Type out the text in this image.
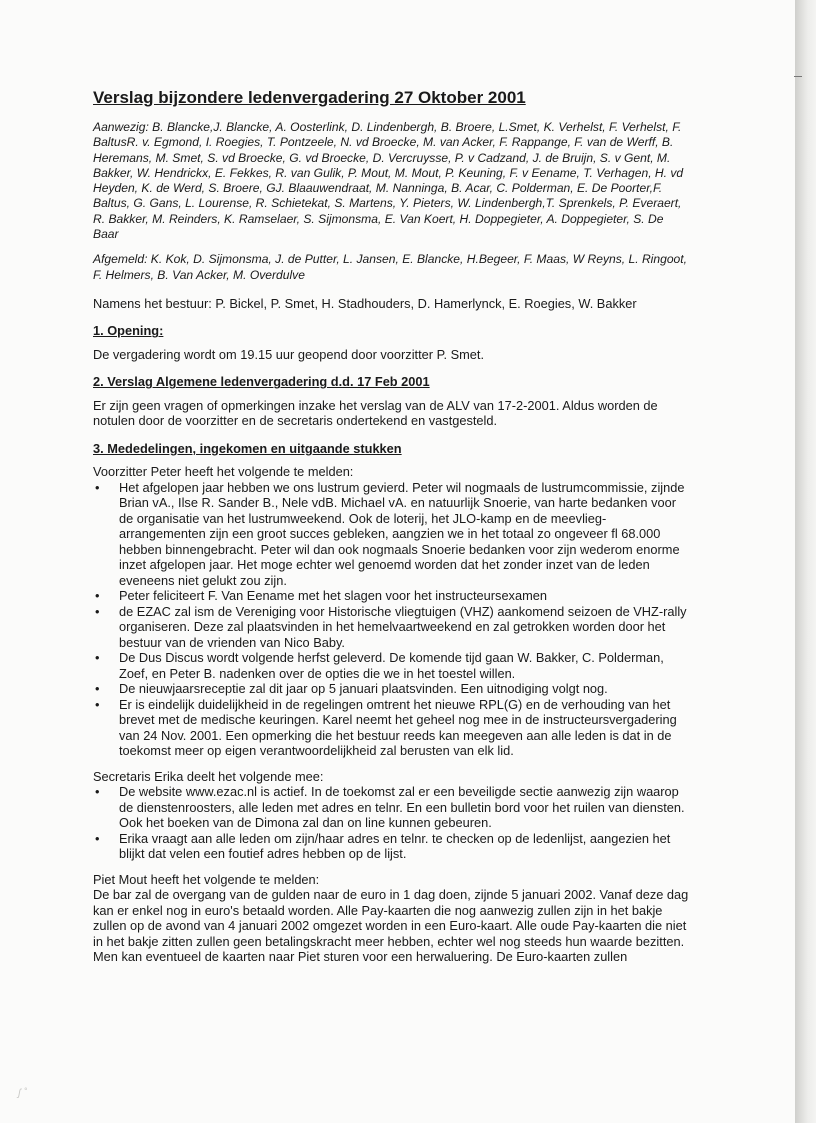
Verslag bijzondere ledenvergadering 27 Oktober 2001

Aanwezig: B. Blancke,J. Blancke, A. Oosterlink, D. Lindenbergh, B. Broere, L.Smet, K. Verhelst, F. Verhelst, F. BaltusR. v. Egmond, I. Roegies, T. Pontzeele, N. vd Broecke, M. van Acker, F. Rappange, F. van de Werff, B. Heremans, M. Smet, S. vd Broecke, G. vd Broecke, D. Vercruysse, P. v Cadzand, J. de Bruijn, S. v Gent, M. Bakker, W. Hendrickx, E. Fekkes, R. van Gulik, P. Mout, M. Mout, P. Keuning, F. v Eename, T. Verhagen, H. vd Heyden, K. de Werd, S. Broere, GJ. Blaauwendraat, M. Nanninga, B. Acar, C. Polderman, E. De Poorter,F. Baltus, G. Gans, L. Lourense, R. Schietekat, S. Martens, Y. Pieters, W. Lindenbergh,T. Sprenkels, P. Everaert, R. Bakker, M. Reinders, K. Ramselaer, S. Sijmonsma, E. Van Koert, H. Doppegieter, A. Doppegieter, S. De Baar

Afgemeld: K. Kok, D. Sijmonsma, J. de Putter, L. Jansen, E. Blancke, H.Begeer, F. Maas, W Reyns, L. Ringoot, F. Helmers, B. Van Acker, M. Overdulve

Namens het bestuur: P. Bickel, P. Smet, H. Stadhouders, D. Hamerlynck, E. Roegies, W. Bakker

1. Opening:

De vergadering wordt om 19.15 uur geopend door voorzitter P. Smet.

2. Verslag Algemene ledenvergadering d.d. 17 Feb 2001

Er zijn geen vragen of opmerkingen inzake het verslag van de ALV van 17-2-2001. Aldus worden de notulen door de voorzitter en de secretaris ondertekend en vastgesteld.

3. Mededelingen, ingekomen en uitgaande stukken

Voorzitter Peter heeft het volgende te melden:

• Het afgelopen jaar hebben we ons lustrum gevierd. Peter wil nogmaals de lustrumcommissie, zijnde Brian vA., Ilse R. Sander B., Nele vdB. Michael vA. en natuurlijk Snoerie, van harte bedanken voor de organisatie van het lustrumweekend. Ook de loterij, het JLO-kamp en de meevlieg-arrangementen zijn een groot succes gebleken, aangzien we in het totaal zo ongeveer fl 68.000 hebben binnengebracht. Peter wil dan ook nogmaals Snoerie bedanken voor zijn wederom enorme inzet afgelopen jaar. Het moge echter wel genoemd worden dat het zonder inzet van de leden eveneens niet gelukt zou zijn.
• Peter feliciteert F. Van Eename met het slagen voor het instructeursexamen
• de EZAC zal ism de Vereniging voor Historische vliegtuigen (VHZ) aankomend seizoen de VHZ-rally organiseren. Deze zal plaatsvinden in het hemelvaartweekend en zal getrokken worden door het bestuur van de vrienden van Nico Baby.
• De Dus Discus wordt volgende herfst geleverd. De komende tijd gaan W. Bakker, C. Polderman, Zoef, en Peter B. nadenken over de opties die we in het toestel willen.
• De nieuwjaarsreceptie zal dit jaar op 5 januari plaatsvinden. Een uitnodiging volgt nog.
• Er is eindelijk duidelijkheid in de regelingen omtrent het nieuwe RPL(G) en de verhouding van het brevet met de medische keuringen. Karel neemt het geheel nog mee in de instructeursvergadering van 24 Nov. 2001. Een opmerking die het bestuur reeds kan meegeven aan alle leden is dat in de toekomst meer op eigen verantwoordelijkheid zal berusten van elk lid.

Secretaris Erika deelt het volgende mee:

• De website www.ezac.nl is actief. In de toekomst zal er een beveiligde sectie aanwezig zijn waarop de dienstenroosters, alle leden met adres en telnr. En een bulletin bord voor het ruilen van diensten. Ook het boeken van de Dimona zal dan on line kunnen gebeuren.
• Erika vraagt aan alle leden om zijn/haar adres en telnr. te checken op de ledenlijst, aangezien het blijkt dat velen een foutief adres hebben op de lijst.

Piet Mout heeft het volgende te melden:

De bar zal de overgang van de gulden naar de euro in 1 dag doen, zijnde 5 januari 2002. Vanaf deze dag kan er enkel nog in euro's betaald worden. Alle Pay-kaarten die nog aanwezig zullen zijn in het bakje zullen op de avond van 4 januari 2002 omgezet worden in een Euro-kaart. Alle oude Pay-kaarten die niet in het bakje zitten zullen geen betalingskracht meer hebben, echter wel nog steeds hun waarde bezitten. Men kan eventueel de kaarten naar Piet sturen voor een herwaluering. De Euro-kaarten zullen

ʃ ˚
